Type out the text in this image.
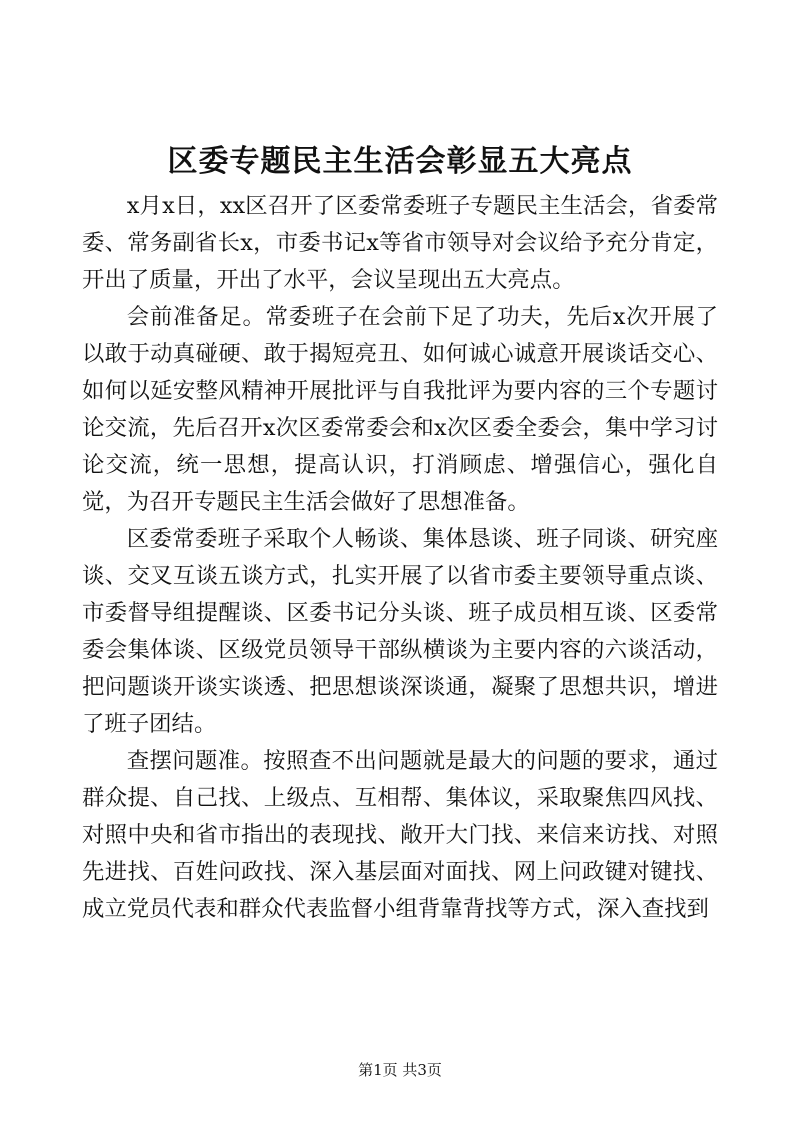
区委专题民主生活会彰显五大亮点

x月x日，xx区召开了区委常委班子专题民主生活会，省委常委、常务副省长x，市委书记x等省市领导对会议给予充分肯定，开出了质量，开出了水平，会议呈现出五大亮点。

会前准备足。常委班子在会前下足了功夫，先后x次开展了以敢于动真碰硬、敢于揭短亮丑、如何诚心诚意开展谈话交心、如何以延安整风精神开展批评与自我批评为要内容的三个专题讨论交流，先后召开x次区委常委会和x次区委全委会，集中学习讨论交流，统一思想，提高认识，打消顾虑、增强信心，强化自觉，为召开专题民主生活会做好了思想准备。

区委常委班子采取个人畅谈、集体恳谈、班子同谈、研究座谈、交叉互谈五谈方式，扎实开展了以省市委主要领导重点谈、市委督导组提醒谈、区委书记分头谈、班子成员相互谈、区委常委会集体谈、区级党员领导干部纵横谈为主要内容的六谈活动，把问题谈开谈实谈透、把思想谈深谈通，凝聚了思想共识，增进了班子团结。

查摆问题准。按照查不出问题就是最大的问题的要求，通过群众提、自己找、上级点、互相帮、集体议，采取聚焦四风找、对照中央和省市指出的表现找、敞开大门找、来信来访找、对照先进找、百姓问政找、深入基层面对面找、网上问政键对键找、成立党员代表和群众代表监督小组背靠背找等方式，深入查找到

第1页 共3页
